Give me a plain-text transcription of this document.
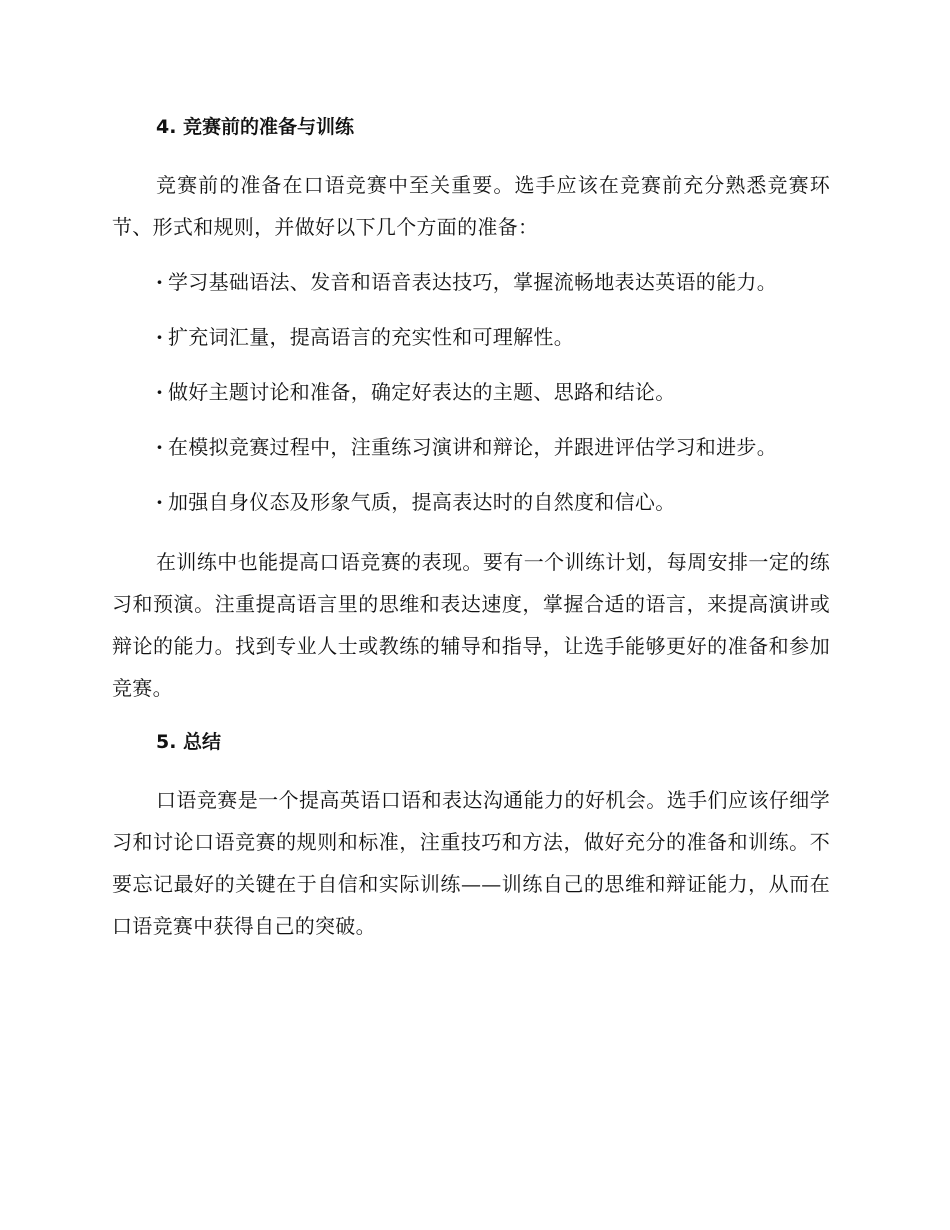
4. 竞赛前的准备与训练

竞赛前的准备在口语竞赛中至关重要。选手应该在竞赛前充分熟悉竞赛环节、形式和规则，并做好以下几个方面的准备：

· 学习基础语法、发音和语音表达技巧，掌握流畅地表达英语的能力。
· 扩充词汇量，提高语言的充实性和可理解性。
· 做好主题讨论和准备，确定好表达的主题、思路和结论。
· 在模拟竞赛过程中，注重练习演讲和辩论，并跟进评估学习和进步。
· 加强自身仪态及形象气质，提高表达时的自然度和信心。

在训练中也能提高口语竞赛的表现。要有一个训练计划，每周安排一定的练习和预演。注重提高语言里的思维和表达速度，掌握合适的语言，来提高演讲或辩论的能力。找到专业人士或教练的辅导和指导，让选手能够更好的准备和参加竞赛。

5. 总结

口语竞赛是一个提高英语口语和表达沟通能力的好机会。选手们应该仔细学习和讨论口语竞赛的规则和标准，注重技巧和方法，做好充分的准备和训练。不要忘记最好的关键在于自信和实际训练——训练自己的思维和辩证能力，从而在口语竞赛中获得自己的突破。
